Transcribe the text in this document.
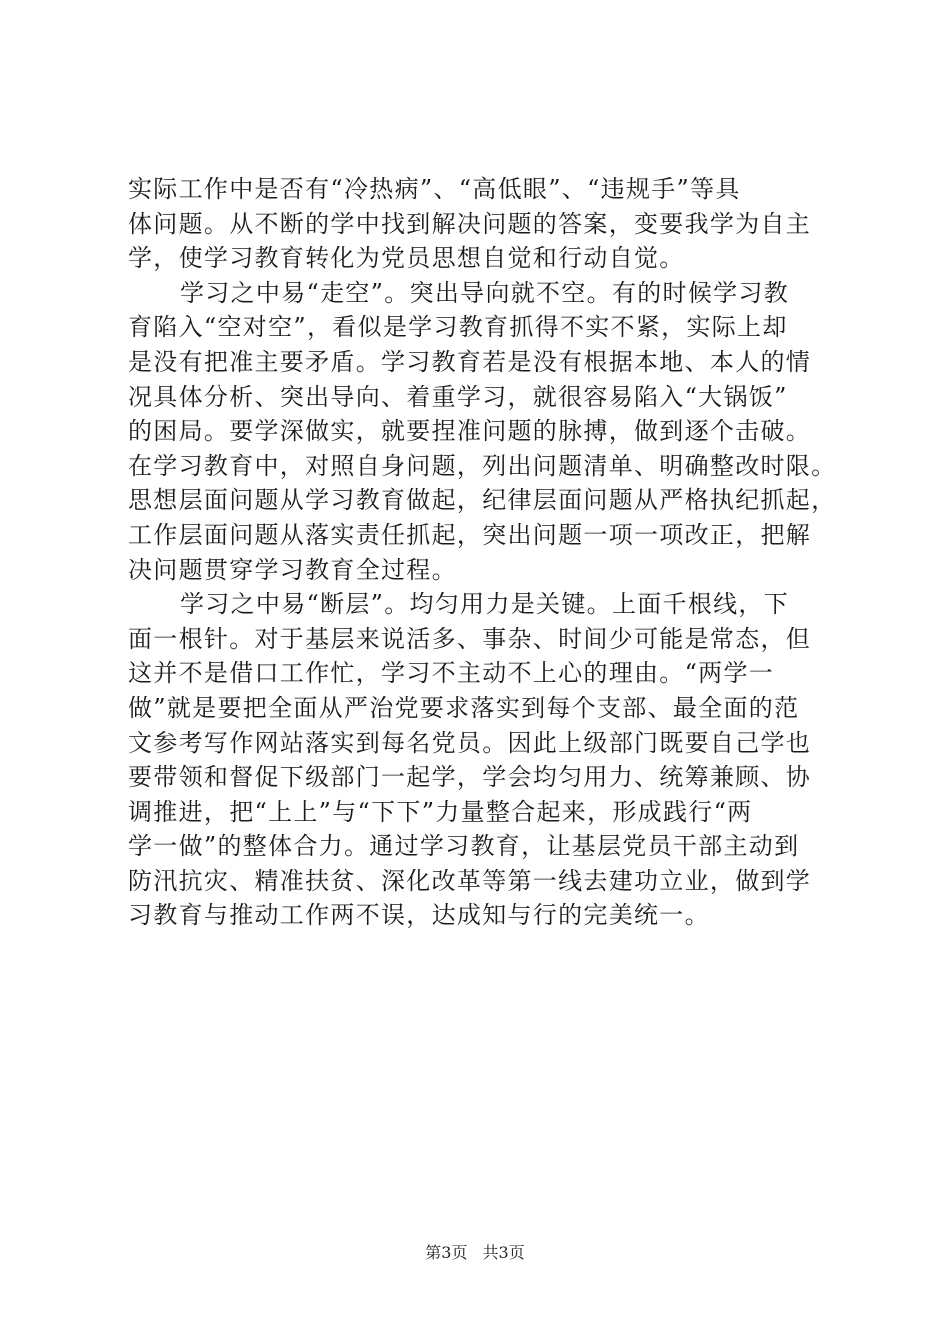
实际工作中是否有“冷热病”、“高低眼”、“违规手”等具
体问题。从不断的学中找到解决问题的答案，变要我学为自主
学，使学习教育转化为党员思想自觉和行动自觉。
学习之中易“走空”。突出导向就不空。有的时候学习教
育陷入“空对空”，看似是学习教育抓得不实不紧，实际上却
是没有把准主要矛盾。学习教育若是没有根据本地、本人的情
况具体分析、突出导向、着重学习，就很容易陷入“大锅饭”
的困局。要学深做实，就要捏准问题的脉搏，做到逐个击破。
在学习教育中，对照自身问题，列出问题清单、明确整改时限。
思想层面问题从学习教育做起，纪律层面问题从严格执纪抓起，
工作层面问题从落实责任抓起，突出问题一项一项改正，把解
决问题贯穿学习教育全过程。
学习之中易“断层”。均匀用力是关键。上面千根线，下
面一根针。对于基层来说活多、事杂、时间少可能是常态，但
这并不是借口工作忙，学习不主动不上心的理由。“两学一
做”就是要把全面从严治党要求落实到每个支部、最全面的范
文参考写作网站落实到每名党员。因此上级部门既要自己学也
要带领和督促下级部门一起学，学会均匀用力、统筹兼顾、协
调推进，把“上上”与“下下”力量整合起来，形成践行“两
学一做”的整体合力。通过学习教育，让基层党员干部主动到
防汛抗灾、精准扶贫、深化改革等第一线去建功立业，做到学
习教育与推动工作两不误，达成知与行的完美统一。
第3页 共3页
